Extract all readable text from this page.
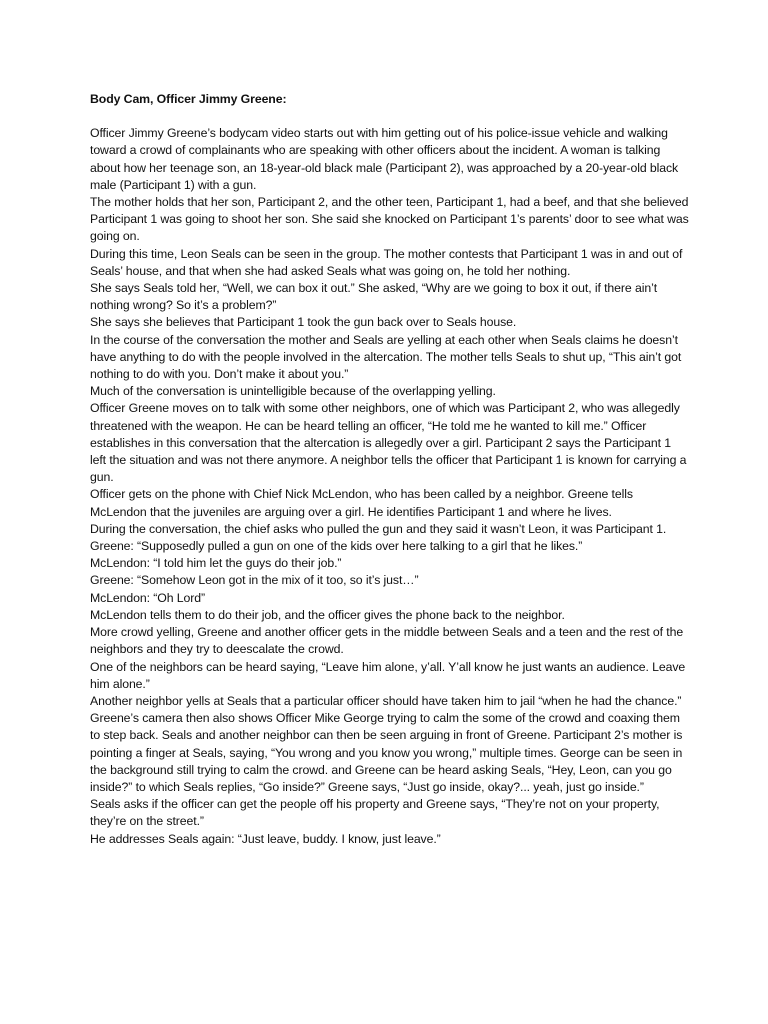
Body Cam, Officer Jimmy Greene:

Officer Jimmy Greene’s bodycam video starts out with him getting out of his police-issue vehicle and walking toward a crowd of complainants who are speaking with other officers about the incident. A woman is talking about how her teenage son, an 18-year-old black male (Participant 2), was approached by a 20-year-old black male (Participant 1) with a gun.

The mother holds that her son, Participant 2, and the other teen, Participant 1, had a beef, and that she believed Participant 1 was going to shoot her son. She said she knocked on Participant 1’s parents’ door to see what was going on.

During this time, Leon Seals can be seen in the group. The mother contests that Participant 1 was in and out of Seals’ house, and that when she had asked Seals what was going on, he told her nothing.

She says Seals told her, “Well, we can box it out.” She asked, “Why are we going to box it out, if there ain’t nothing wrong? So it’s a problem?”

She says she believes that Participant 1 took the gun back over to Seals house.

In the course of the conversation the mother and Seals are yelling at each other when Seals claims he doesn’t have anything to do with the people involved in the altercation. The mother tells Seals to shut up, “This ain’t got nothing to do with you. Don’t make it about you.”

Much of the conversation is unintelligible because of the overlapping yelling.

Officer Greene moves on to talk with some other neighbors, one of which was Participant 2, who was allegedly threatened with the weapon. He can be heard telling an officer, “He told me he wanted to kill me.” Officer establishes in this conversation that the altercation is allegedly over a girl. Participant 2 says the Participant 1 left the situation and was not there anymore. A neighbor tells the officer that Participant 1 is known for carrying a gun.

Officer gets on the phone with Chief Nick McLendon, who has been called by a neighbor. Greene tells McLendon that the juveniles are arguing over a girl. He identifies Participant 1 and where he lives.

During the conversation, the chief asks who pulled the gun and they said it wasn’t Leon, it was Participant 1.

Greene: “Supposedly pulled a gun on one of the kids over here talking to a girl that he likes.”

McLendon: “I told him let the guys do their job.”

Greene: “Somehow Leon got in the mix of it too, so it’s just…”

McLendon: “Oh Lord”

McLendon tells them to do their job, and the officer gives the phone back to the neighbor.

More crowd yelling, Greene and another officer gets in the middle between Seals and a teen and the rest of the neighbors and they try to deescalate the crowd.

One of the neighbors can be heard saying, “Leave him alone, y’all. Y’all know he just wants an audience. Leave him alone.”

Another neighbor yells at Seals that a particular officer should have taken him to jail “when he had the chance.”

Greene’s camera then also shows Officer Mike George trying to calm the some of the crowd and coaxing them to step back. Seals and another neighbor can then be seen arguing in front of Greene. Participant 2’s mother is pointing a finger at Seals, saying, “You wrong and you know you wrong,” multiple times. George can be seen in the background still trying to calm the crowd. and Greene can be heard asking Seals, “Hey, Leon, can you go inside?” to which Seals replies, “Go inside?” Greene says, “Just go inside, okay?... yeah, just go inside.”

Seals asks if the officer can get the people off his property and Greene says, “They’re not on your property, they’re on the street.”

He addresses Seals again: “Just leave, buddy. I know, just leave.”
